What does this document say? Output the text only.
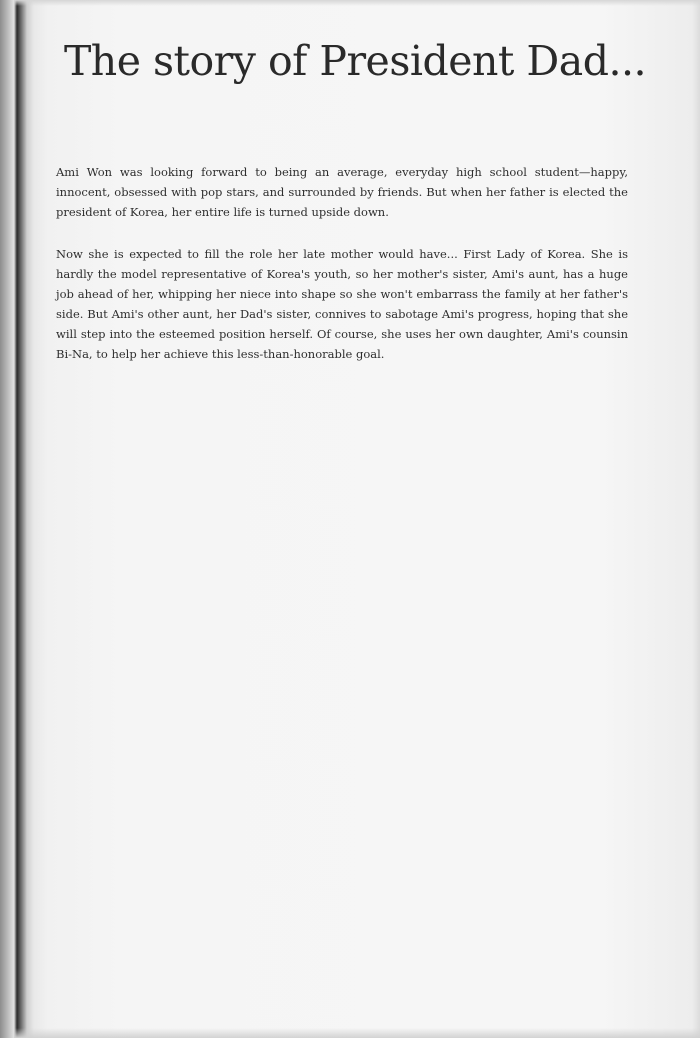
The story of President Dad...

Ami Won was looking forward to being an average, everyday high school student—happy, innocent, obsessed with pop stars, and surrounded by friends. But when her father is elected the president of Korea, her entire life is turned upside down.

Now she is expected to fill the role her late mother would have... First Lady of Korea. She is hardly the model representative of Korea's youth, so her mother's sister, Ami's aunt, has a huge job ahead of her, whipping her niece into shape so she won't embarrass the family at her father's side. But Ami's other aunt, her Dad's sister, connives to sabotage Ami's progress, hoping that she will step into the esteemed position herself. Of course, she uses her own daughter, Ami's counsin Bi-Na, to help her achieve this less-than-honorable goal.
